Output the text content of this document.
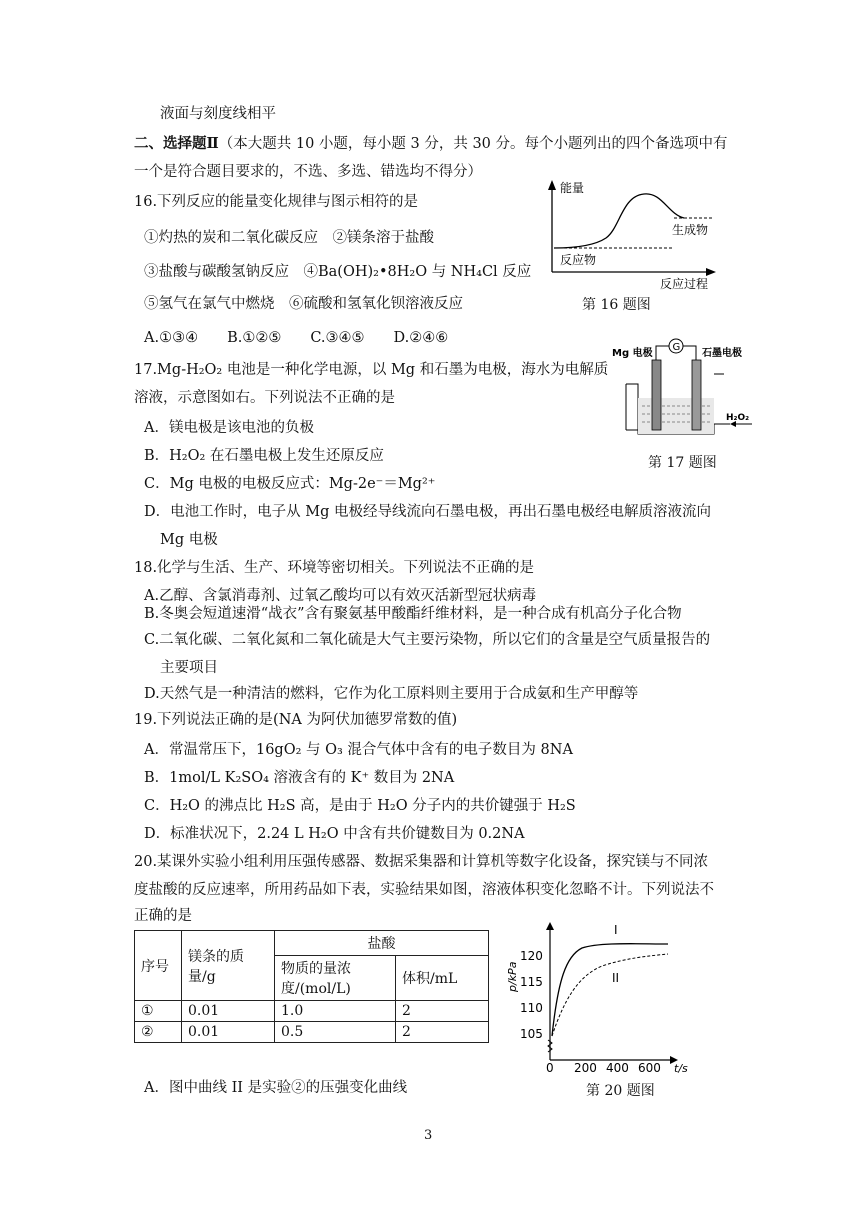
液面与刻度线相平
二、选择题Ⅱ（本大题共 10 小题，每小题 3 分，共 30 分。每个小题列出的四个备选项中有
一个是符合题目要求的，不选、多选、错选均不得分）
16.下列反应的能量变化规律与图示相符的是
①灼热的炭和二氧化碳反应　②镁条溶于盐酸
③盐酸与碳酸氢钠反应　④Ba(OH)₂•8H₂O 与 NH₄Cl 反应
⑤氢气在氯气中燃烧　⑥硫酸和氢氧化钡溶液反应
A.①③④　　B.①②⑤　　C.③④⑤　　D.②④⑥
17.Mg-H₂O₂ 电池是一种化学电源，以 Mg 和石墨为电极，海水为电解质
溶液，示意图如右。下列说法不正确的是
A．镁电极是该电池的负极
B．H₂O₂ 在石墨电极上发生还原反应
C．Mg 电极的电极反应式：Mg-2e⁻＝Mg²⁺
D．电池工作时，电子从 Mg 电极经导线流向石墨电极，再出石墨电极经电解质溶液流向
Mg 电极
18.化学与生活、生产、环境等密切相关。下列说法不正确的是
A.乙醇、含氯消毒剂、过氧乙酸均可以有效灭活新型冠状病毒
B.冬奥会短道速滑“战衣”含有聚氨基甲酸酯纤维材料，是一种合成有机高分子化合物
C.二氧化碳、二氧化氮和二氧化硫是大气主要污染物，所以它们的含量是空气质量报告的
主要项目
D.天然气是一种清洁的燃料，它作为化工原料则主要用于合成氨和生产甲醇等
19.下列说法正确的是(NA 为阿伏加德罗常数的值)
A．常温常压下，16gO₂ 与 O₃ 混合气体中含有的电子数目为 8NA
B．1mol/L K₂SO₄ 溶液含有的 K⁺ 数目为 2NA
C．H₂O 的沸点比 H₂S 高，是由于 H₂O 分子内的共价键强于 H₂S
D．标准状况下，2.24 L H₂O 中含有共价键数目为 0.2NA
20.某课外实验小组利用压强传感器、数据采集器和计算机等数字化设备，探究镁与不同浓
度盐酸的反应速率，所用药品如下表，实验结果如图，溶液体积变化忽略不计。下列说法不
正确的是
A．图中曲线 II 是实验②的压强变化曲线
能量
生成物
反应物
反应过程
第 16 题图
Mg 电极	石墨电极
G
H₂O₂
第 17 题图
序号	镁条的质量/g	盐酸	
		物质的量浓度/(mol/L)	体积/mL
①	0.01	1.0	2
②	0.01	0.5	2	105
110
115
120
0 200 400 600
p/kPa
t/s
I
II
第 20 题图
3
